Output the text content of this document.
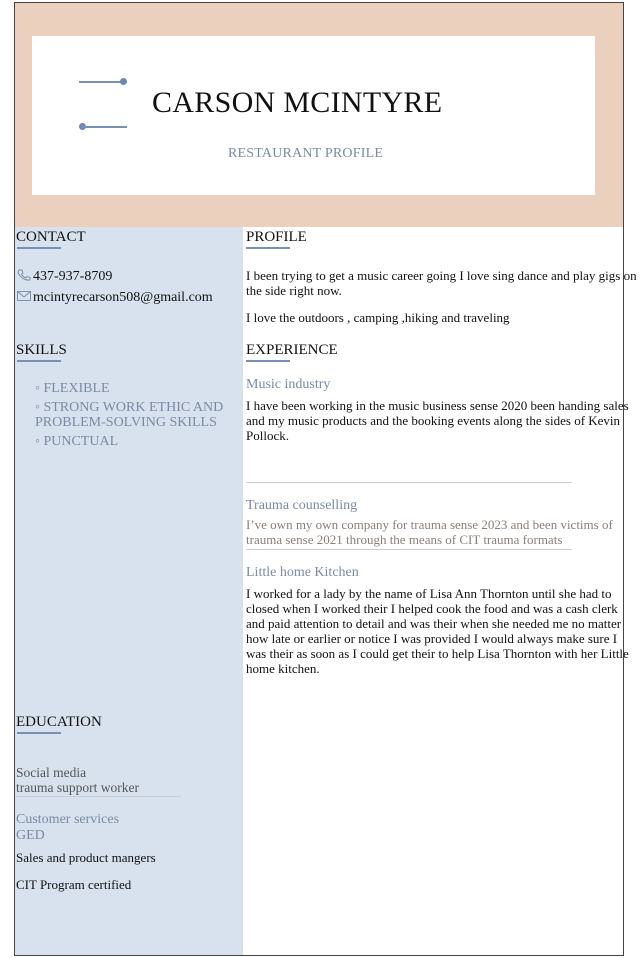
CARSON MCINTYRE
RESTAURANT PROFILE
CONTACT
437-937-8709
mcintyrecarson508@gmail.com
SKILLS
◦ FLEXIBLE
◦ STRONG WORK ETHIC AND
PROBLEM-SOLVING SKILLS
◦ PUNCTUAL
EDUCATION
Social media
trauma support worker
Customer services
GED
Sales and product mangers
CIT Program certified
PROFILE
I been trying to get a music career going I love sing dance and play gigs on
the side right now.
I love the outdoors , camping ,hiking and traveling
EXPERIENCE
Music industry
I have been working in the music business sense 2020 been handing sales
and my music products and the booking events along the sides of Kevin
Pollock.
Trauma counselling
I’ve own my own company for trauma sense 2023 and been victims of
trauma sense 2021 through the means of CIT trauma formats
Little home Kitchen
I worked for a lady by the name of Lisa Ann Thornton until she had to
closed when I worked their I helped cook the food and was a cash clerk
and paid attention to detail and was their when she needed me no matter
how late or earlier or notice I was provided I would always make sure I
was their as soon as I could get their to help Lisa Thornton with her Little
home kitchen.
